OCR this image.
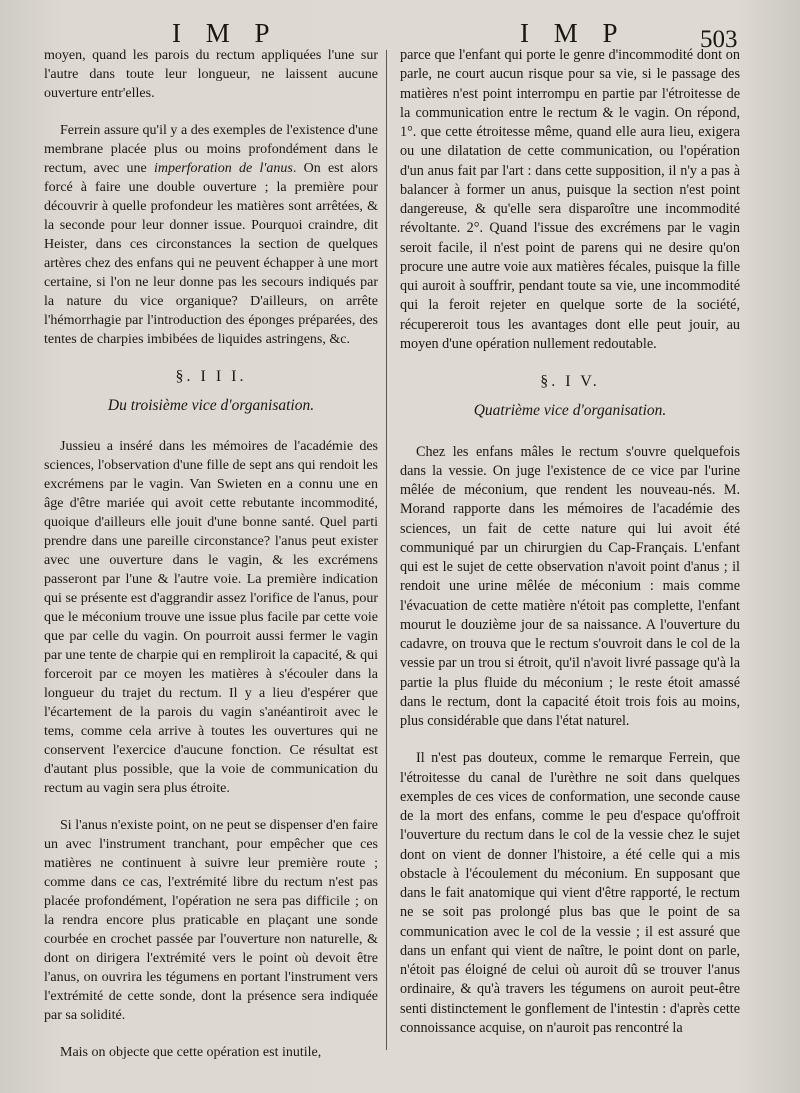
I M P	I M P	503

moyen, quand les parois du rectum appliquées l'une sur l'autre dans toute leur longueur, ne laissent aucune ouverture entr'elles.

Ferrein assure qu'il y a des exemples de l'existence d'une membrane placée plus ou moins profondément dans le rectum, avec une imperforation de l'anus. On est alors forcé à faire une double ouverture ; la première pour découvrir à quelle profondeur les matières sont arrêtées, & la seconde pour leur donner issue. Pourquoi craindre, dit Heister, dans ces circonstances la section de quelques artères chez des enfans qui ne peuvent échapper à une mort certaine, si l'on ne leur donne pas les secours indiqués par la nature du vice organique? D'ailleurs, on arrête l'hémorrhagie par l'introduction des éponges préparées, des tentes de charpies imbibées de liquides astringens, &c.

§. I I I.
Du troisième vice d'organisation.

Jussieu a inséré dans les mémoires de l'académie des sciences, l'observation d'une fille de sept ans qui rendoit les excrémens par le vagin. Van Swieten en a connu une en âge d'être mariée qui avoit cette rebutante incommodité, quoique d'ailleurs elle jouit d'une bonne santé. Quel parti prendre dans une pareille circonstance? l'anus peut exister avec une ouverture dans le vagin, & les excrémens passeront par l'une & l'autre voie. La première indication qui se présente est d'aggrandir assez l'orifice de l'anus, pour que le méconium trouve une issue plus facile par cette voie que par celle du vagin. On pourroit aussi fermer le vagin par une tente de charpie qui en rempliroit la capacité, & qui forceroit par ce moyen les matières à s'écouler dans la longueur du trajet du rectum. Il y a lieu d'espérer que l'écartement de la parois du vagin s'anéantiroit avec le tems, comme cela arrive à toutes les ouvertures qui ne conservent l'exercice d'aucune fonction. Ce résultat est d'autant plus possible, que la voie de communication du rectum au vagin sera plus étroite.

Si l'anus n'existe point, on ne peut se dispenser d'en faire un avec l'instrument tranchant, pour empêcher que ces matières ne continuent à suivre leur première route ; comme dans ce cas, l'extrémité libre du rectum n'est pas placée profondément, l'opération ne sera pas difficile ; on la rendra encore plus praticable en plaçant une sonde courbée en crochet passée par l'ouverture non naturelle, & dont on dirigera l'extrémité vers le point où devoit être l'anus, on ouvrira les tégumens en portant l'instrument vers l'extrémité de cette sonde, dont la présence sera indiquée par sa solidité.

Mais on objecte que cette opération est inutile,

parce que l'enfant qui porte le genre d'incommodité dont on parle, ne court aucun risque pour sa vie, si le passage des matières n'est point interrompu en partie par l'étroitesse de la communication entre le rectum & le vagin. On répond, 1°. que cette étroitesse même, quand elle aura lieu, exigera ou une dilatation de cette communication, ou l'opération d'un anus fait par l'art : dans cette supposition, il n'y a pas à balancer à former un anus, puisque la section n'est point dangereuse, & qu'elle sera disparoître une incommodité révoltante. 2°. Quand l'issue des excrémens par le vagin seroit facile, il n'est point de parens qui ne desire qu'on procure une autre voie aux matières fécales, puisque la fille qui auroit à souffrir, pendant toute sa vie, une incommodité qui la feroit rejeter en quelque sorte de la société, récupereroit tous les avantages dont elle peut jouir, au moyen d'une opération nullement redoutable.

§. I V.
Quatrième vice d'organisation.

Chez les enfans mâles le rectum s'ouvre quelquefois dans la vessie. On juge l'existence de ce vice par l'urine mêlée de méconium, que rendent les nouveau-nés. M. Morand rapporte dans les mémoires de l'académie des sciences, un fait de cette nature qui lui avoit été communiqué par un chirurgien du Cap-Français. L'enfant qui est le sujet de cette observation n'avoit point d'anus ; il rendoit une urine mêlée de méconium : mais comme l'évacuation de cette matière n'étoit pas complette, l'enfant mourut le douzième jour de sa naissance. A l'ouverture du cadavre, on trouva que le rectum s'ouvroit dans le col de la vessie par un trou si étroit, qu'il n'avoit livré passage qu'à la partie la plus fluide du méconium ; le reste étoit amassé dans le rectum, dont la capacité étoit trois fois au moins, plus considérable que dans l'état naturel.

Il n'est pas douteux, comme le remarque Ferrein, que l'étroitesse du canal de l'urèthre ne soit dans quelques exemples de ces vices de conformation, une seconde cause de la mort des enfans, comme le peu d'espace qu'offroit l'ouverture du rectum dans le col de la vessie chez le sujet dont on vient de donner l'histoire, a été celle qui a mis obstacle à l'écoulement du méconium. En supposant que dans le fait anatomique qui vient d'être rapporté, le rectum ne se soit pas prolongé plus bas que le point de sa communication avec le col de la vessie ; il est assuré que dans un enfant qui vient de naître, le point dont on parle, n'étoit pas éloigné de celui où auroit dû se trouver l'anus ordinaire, & qu'à travers les tégumens on auroit peut-être senti distinctement le gonflement de l'intestin : d'après cette connoissance acquise, on n'auroit pas rencontré la
